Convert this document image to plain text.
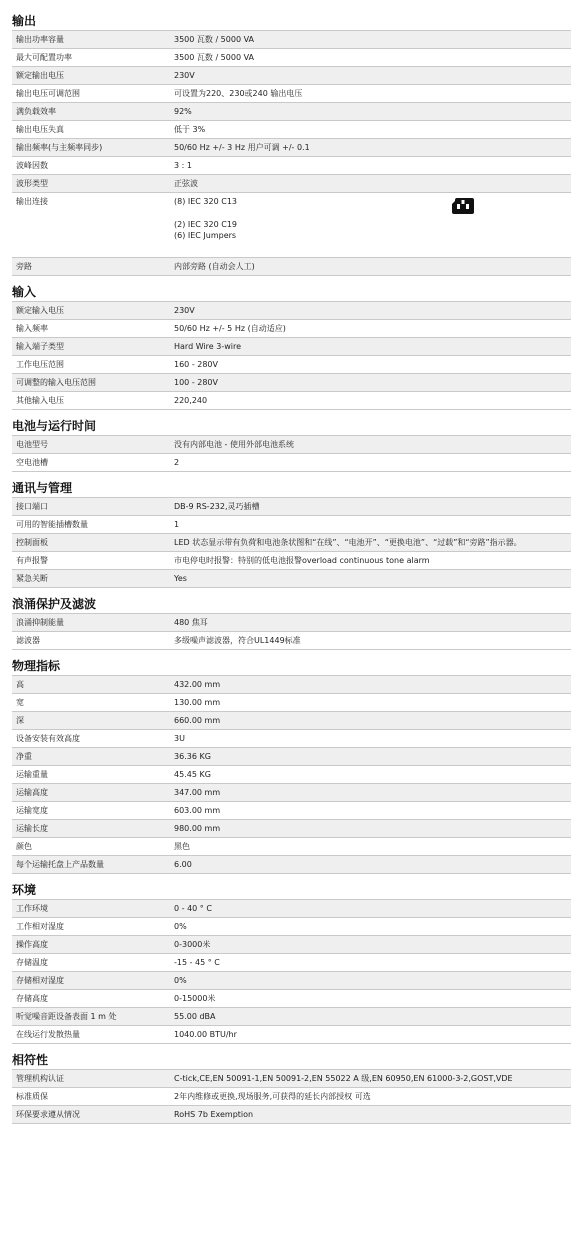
输出
输出功率容量	3500 瓦数 / 5000 VA
最大可配置功率	3500 瓦数 / 5000 VA
额定输出电压	230V
输出电压可调范围	可设置为220、230或240 输出电压
满负载效率	92%
输出电压失真	低于 3%
输出频率(与主频率同步)	50/60 Hz +/- 3 Hz 用户可调 +/- 0.1
波峰因数	3 : 1
波形类型	正弦波
输出连接	(8) IEC 320 C13
(2) IEC 320 C19
(6) IEC Jumpers

旁路	内部旁路 (自动会人工)
输入
额定输入电压	230V
输入频率	50/60 Hz +/- 5 Hz (自动适应)
输入端子类型	Hard Wire 3-wire
工作电压范围	160 - 280V
可调整的输入电压范围	100 - 280V
其他输入电压	220,240
电池与运行时间
电池型号	没有内部电池 - 使用外部电池系统
空电池槽	2
通讯与管理
接口端口	DB-9 RS-232,灵巧插槽
可用的智能插槽数量	1
控制面板	LED 状态显示带有负荷和电池条状图和“在线”、“电池开”、“更换电池”、“过载”和“旁路”指示器。
有声报警	市电停电时报警：特别的低电池报警overload continuous tone alarm
紧急关断	Yes
浪涌保护及滤波
浪涌抑制能量	480 焦耳
滤波器	多级噪声滤波器，符合UL1449标准
物理指标
高	432.00 mm
宽	130.00 mm
深	660.00 mm
设备安装有效高度	3U
净重	36.36 KG
运输重量	45.45 KG
运输高度	347.00 mm
运输宽度	603.00 mm
运输长度	980.00 mm
颜色	黑色
每个运输托盘上产品数量	6.00
环境
工作环境	0 - 40 ° C
工作相对湿度	0%
操作高度	0-3000米
存储温度	-15 - 45 ° C
存储相对湿度	0%
存储高度	0-15000米
听觉噪音距设备表面 1 m 处	55.00 dBA
在线运行发散热量	1040.00 BTU/hr
相符性
管理机构认证	C-tick,CE,EN 50091-1,EN 50091-2,EN 55022 A 级,EN 60950,EN 61000-3-2,GOST,VDE
标准质保	2年内维修或更换,现场服务,可获得的延长内部授权 可选
环保要求遵从情况	RoHS 7b Exemption
